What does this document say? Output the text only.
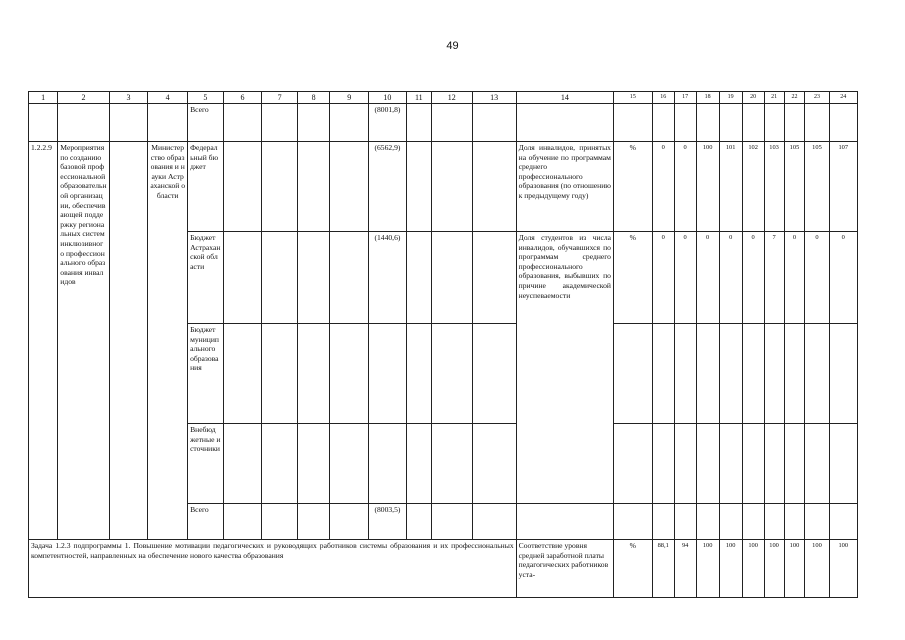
49
1	2	3	4	5	6	7	8	9	10	11	12	13	14	15	16	17	18	19	20	21	22	23	24
				Всего					(8001,8)														
1.2.2.9	Мероприятия по созданию базовой профессиональной образовательной организации, обеспечивающей поддержку региональных систем инклюзивного профессионального образования инвалидов		Министерство образования и науки Астраханской области	Федеральный бюджет					(6562,9)				Доля инвалидов, принятых на обучение по программам среднего профессионального образования (по отношению к предыдущему году)	%	0	0	100	101	102	103	105	105	107
				Бюджет Астраханской области					(1440,6)				Доля студентов из числа инвалидов, обучавшихся по программам среднего профессионального образования, выбывших по причине академической неуспеваемости	%	0	0	0	0	0	7	0	0	0
				Бюджет муниципального образования																			
				Внебюджетные источники																			
				Всего					(8003,5)														
Задача 1.2.3 подпрограммы 1. Повышение мотивации педагогических и руководящих работников системы образования и их профессиональных компетентностей, направленных на обеспечение нового качества образования													Соответствие уровня средней заработной платы педагогических работников уста-	%	88,1	94	100	100	100	100	100	100	100
